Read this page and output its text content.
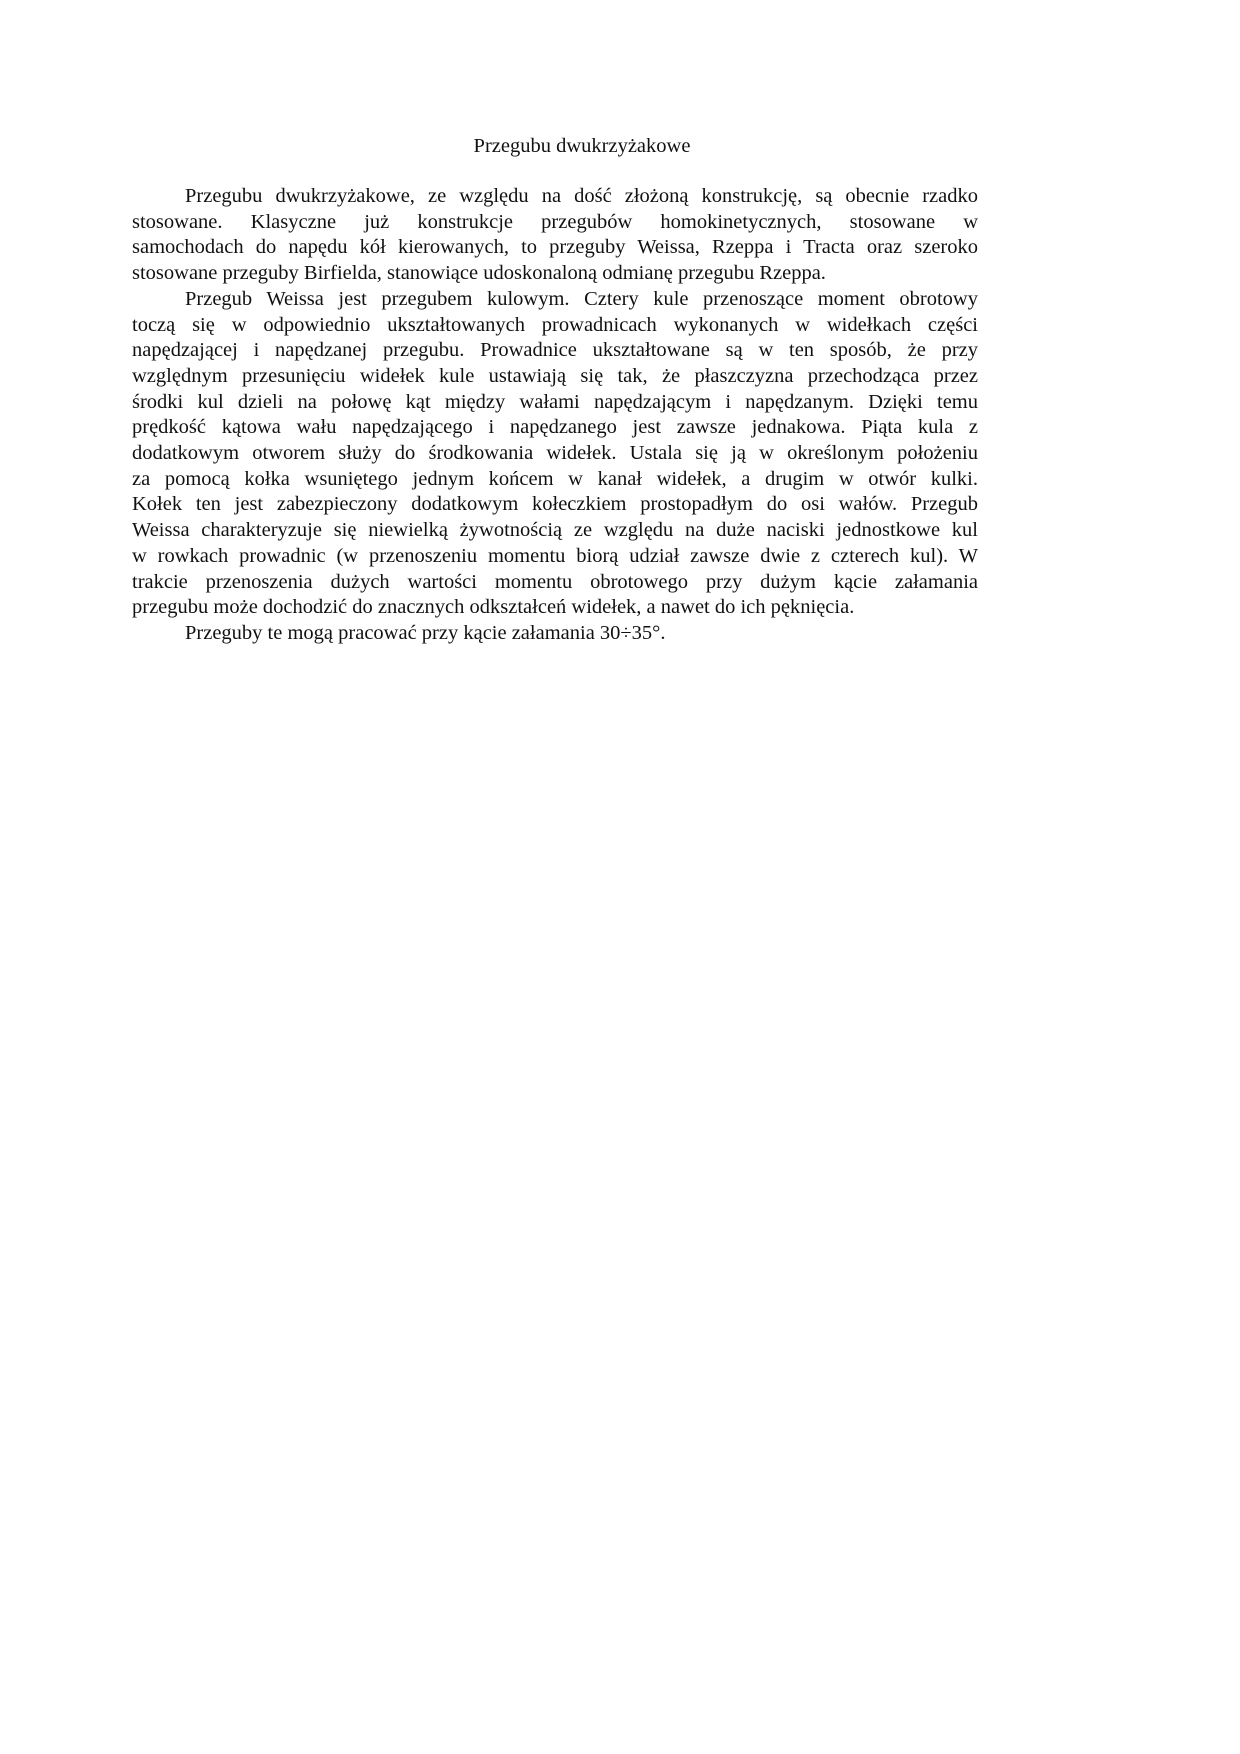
Przegubu dwukrzyżakowe

Przegubu dwukrzyżakowe, ze względu na dość złożoną konstrukcję, są obecnie rzadko
stosowane. Klasyczne już konstrukcje przegubów homokinetycznych, stosowane w
samochodach do napędu kół kierowanych, to przeguby Weissa, Rzeppa i Tracta oraz szeroko
stosowane przeguby Birfielda, stanowiące udoskonaloną odmianę przegubu Rzeppa.

Przegub Weissa jest przegubem kulowym. Cztery kule przenoszące moment obrotowy
toczą się w odpowiednio ukształtowanych prowadnicach wykonanych w widełkach części
napędzającej i napędzanej przegubu. Prowadnice ukształtowane są w ten sposób, że przy
względnym przesunięciu widełek kule ustawiają się tak, że płaszczyzna przechodząca przez
środki kul dzieli na połowę kąt między wałami napędzającym i napędzanym. Dzięki temu
prędkość kątowa wału napędzającego i napędzanego jest zawsze jednakowa. Piąta kula z
dodatkowym otworem służy do środkowania widełek. Ustala się ją w określonym położeniu
za pomocą kołka wsuniętego jednym końcem w kanał widełek, a drugim w otwór kulki.
Kołek ten jest zabezpieczony dodatkowym kołeczkiem prostopadłym do osi wałów. Przegub
Weissa charakteryzuje się niewielką żywotnością ze względu na duże naciski jednostkowe kul
w rowkach prowadnic (w przenoszeniu momentu biorą udział zawsze dwie z czterech kul). W
trakcie przenoszenia dużych wartości momentu obrotowego przy dużym kącie załamania
przegubu może dochodzić do znacznych odkształceń widełek, a nawet do ich pęknięcia.

Przeguby te mogą pracować przy kącie załamania 30÷35°.
